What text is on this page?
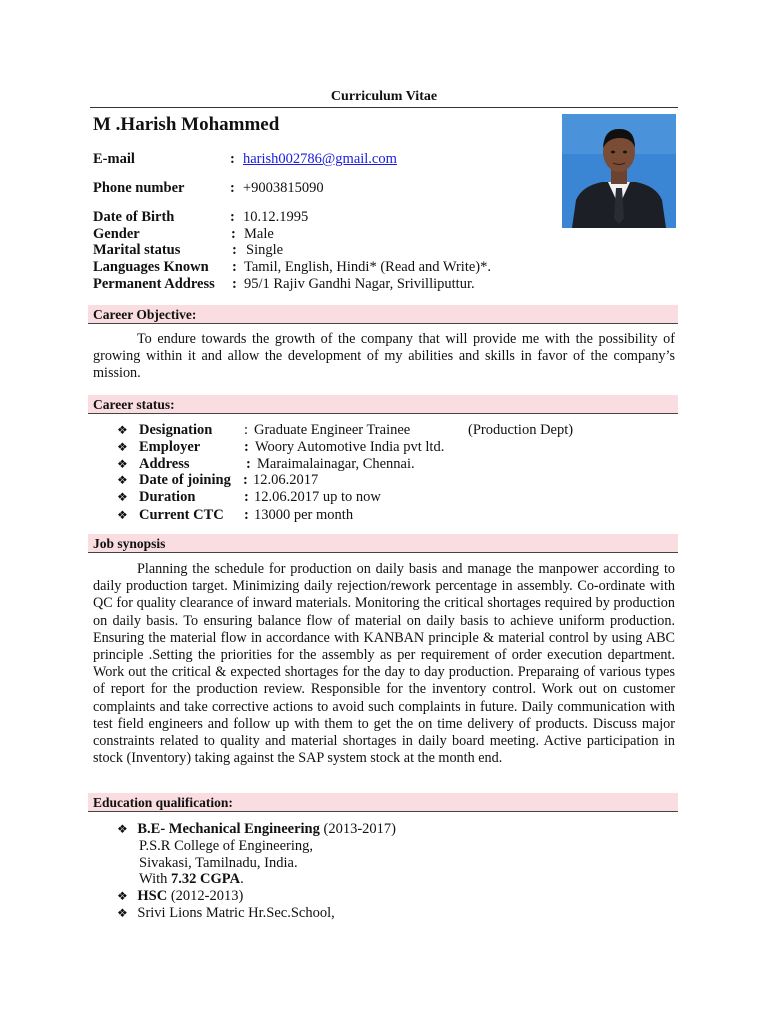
Curriculum Vitae
M .Harish Mohammed
E-mail	: harish002786@gmail.com
Phone number	: +9003815090
Date of Birth	: 10.12.1995
Gender	: Male
Marital status	: Single
Languages Known : Tamil, English, Hindi* (Read and Write)*.
Permanent Address : 95/1 Rajiv Gandhi Nagar, Srivilliputtur.
Career Objective:
To endure towards the growth of the company that will provide me with the possibility of growing within it and allow the development of my abilities and skills in favor of the company’s mission.
Career status:
❖ Designation : Graduate Engineer Trainee	(Production Dept)
❖ Employer	: Woory Automotive India pvt ltd.
❖ Address	: Maraimalainagar, Chennai.
❖ Date of joining : 12.06.2017
❖ Duration	: 12.06.2017 up to now
❖ Current CTC : 13000 per month
Job synopsis
Planning the schedule for production on daily basis and manage the manpower according to daily production target. Minimizing daily rejection/rework percentage in assembly. Co-ordinate with QC for quality clearance of inward materials. Monitoring the critical shortages required by production on daily basis. To ensuring balance flow of material on daily basis to achieve uniform production. Ensuring the material flow in accordance with KANBAN principle & material control by using ABC principle .Setting the priorities for the assembly as per requirement of order execution department. Work out the critical & expected shortages for the day to day production. Preparaing of various types of report for the production review. Responsible for the inventory control. Work out on customer complaints and take corrective actions to avoid such complaints in future. Daily communication with test field engineers and follow up with them to get the on time delivery of products. Discuss major constraints related to quality and material shortages in daily board meeting. Active participation in stock (Inventory) taking against the SAP system stock at the month end.
Education qualification:
❖ B.E- Mechanical Engineering (2013-2017)
P.S.R College of Engineering,
Sivakasi, Tamilnadu, India.
With 7.32 CGPA.
❖ HSC (2012-2013)
❖ Srivi Lions Matric Hr.Sec.School,
